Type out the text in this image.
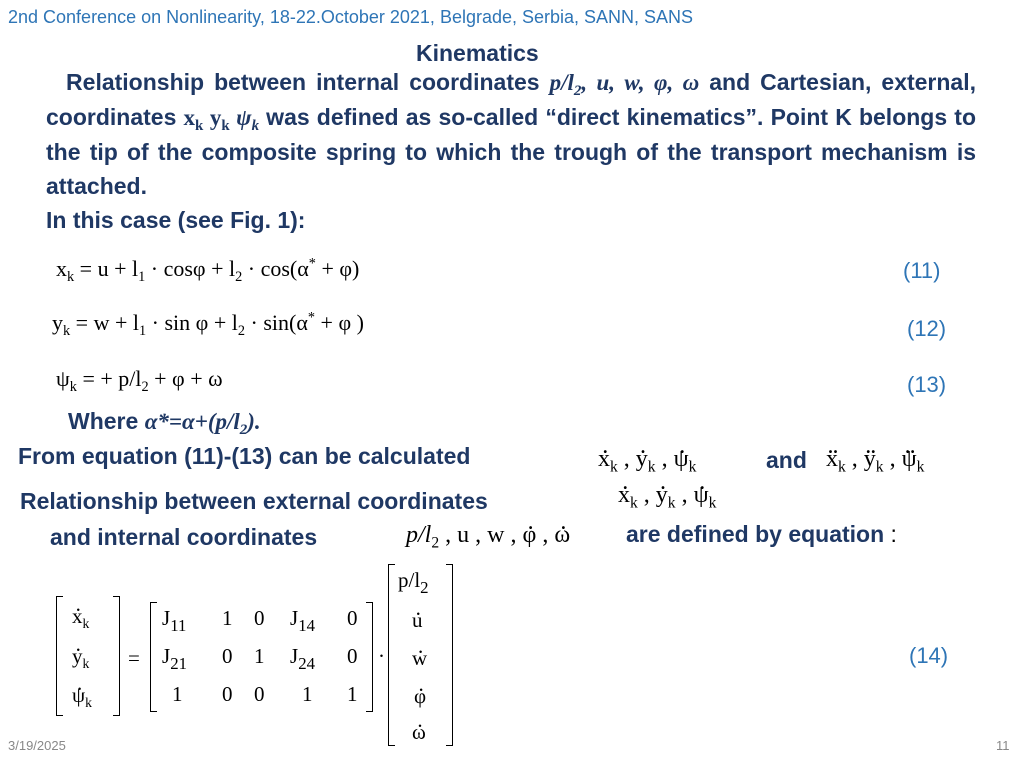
2nd Conference on Nonlinearity, 18-22.October 2021, Belgrade, Serbia, SANN, SANS
Kinematics
Relationship between internal coordinates $p/l_2$, u, w, φ, ω and Cartesian, external, coordinates $x_k$ $y_k$ $\psi_k$ was defined as so-called “direct kinematics”. Point K belongs to the tip of the composite spring to which the trough of the transport mechanism is attached.
In this case (see Fig. 1):
$x_k = u + l_1 \cdot \cos\varphi + l_2 \cdot \cos(\alpha^* + \varphi)$	(11)
$y_k = w + l_1 \cdot \sin \varphi + l_2 \cdot \sin(\alpha^* + \varphi$ )	(12)
$\psi_k$ = + $p/l_2 + \varphi + \omega$	(13)
Where $\alpha*=\alpha+(p/l_2)$.
From equation (11)-(13) can be calculated	x $._k$ , y $._k$ , ψ $._k$	and x $.._k$ , y $.._k$ , ψ $.._k$
x $._k$ , y $._k$ , ψ $._k$
Relationship between external coordinates
and internal coordinates	$p/l_2$ , u , w , φ . , ω . are defined by equation :
x $._k$
y $._k$
ψ $._k$
=
$J_{11}$ 1 0 $J_{14}$ 0
$J_{21}$ 0 1 $J_{24}$ 0
1 0 0 1 1
·
$p/l_2$
u .
w .
φ .
ω .
(14)
3/19/2025	11
